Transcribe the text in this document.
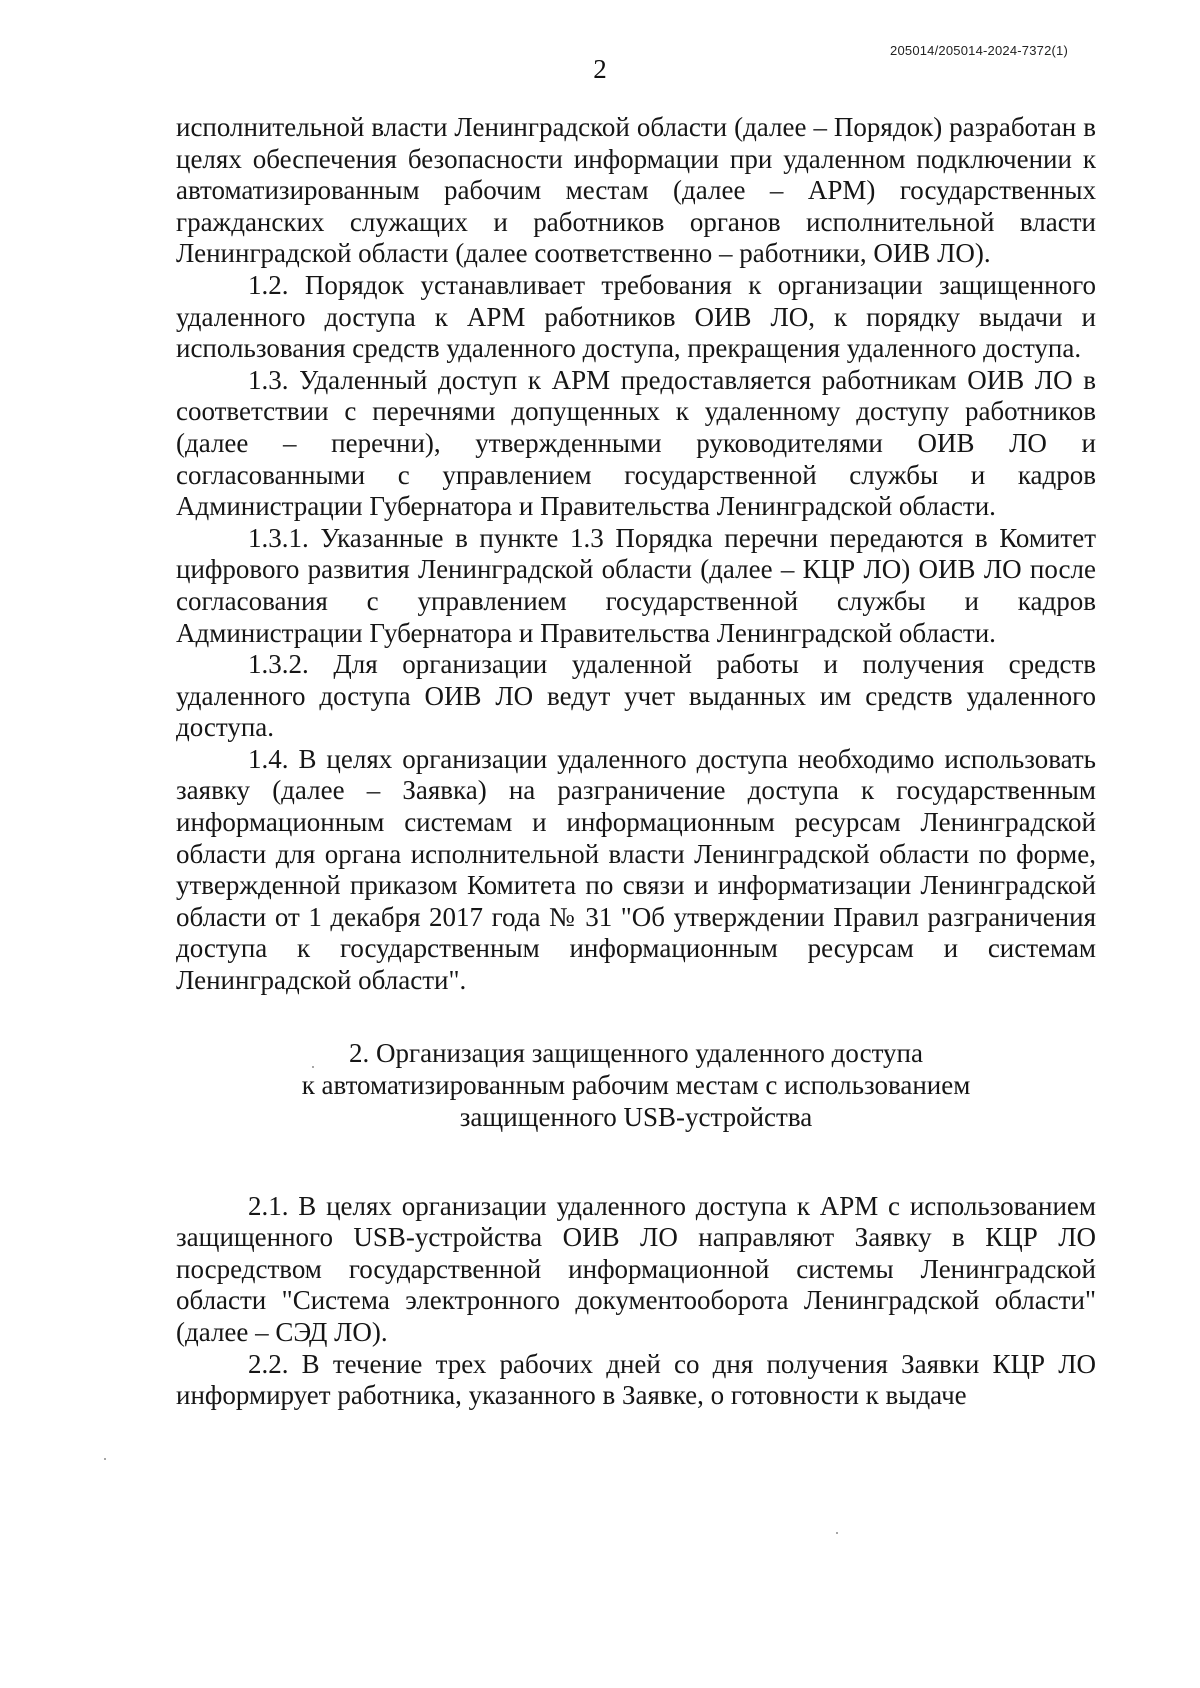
205014/205014-2024-7372(1)
2

исполнительной власти Ленинградской области (далее – Порядок) разработан в целях обеспечения безопасности информации при удаленном подключении к автоматизированным рабочим местам (далее – АРМ) государственных гражданских служащих и работников органов исполнительной власти Ленинградской области (далее соответственно – работники, ОИВ ЛО).

1.2. Порядок устанавливает требования к организации защищенного удаленного доступа к АРМ работников ОИВ ЛО, к порядку выдачи и использования средств удаленного доступа, прекращения удаленного доступа.

1.3. Удаленный доступ к АРМ предоставляется работникам ОИВ ЛО в соответствии с перечнями допущенных к удаленному доступу работников (далее – перечни), утвержденными руководителями ОИВ ЛО и согласованными с управлением государственной службы и кадров Администрации Губернатора и Правительства Ленинградской области.

1.3.1. Указанные в пункте 1.3 Порядка перечни передаются в Комитет цифрового развития Ленинградской области (далее – КЦР ЛО) ОИВ ЛО после согласования с управлением государственной службы и кадров Администрации Губернатора и Правительства Ленинградской области.

1.3.2. Для организации удаленной работы и получения средств удаленного доступа ОИВ ЛО ведут учет выданных им средств удаленного доступа.

1.4. В целях организации удаленного доступа необходимо использовать заявку (далее – Заявка) на разграничение доступа к государственным информационным системам и информационным ресурсам Ленинградской области для органа исполнительной власти Ленинградской области по форме, утвержденной приказом Комитета по связи и информатизации Ленинградской области от 1 декабря 2017 года № 31 "Об утверждении Правил разграничения доступа к государственным информационным ресурсам и системам Ленинградской области".

2. Организация защищенного удаленного доступа
к автоматизированным рабочим местам с использованием
защищенного USB-устройства

2.1. В целях организации удаленного доступа к АРМ с использованием защищенного USB-устройства ОИВ ЛО направляют Заявку в КЦР ЛО посредством государственной информационной системы Ленинградской области "Система электронного документооборота Ленинградской области" (далее – СЭД ЛО).

2.2. В течение трех рабочих дней со дня получения Заявки КЦР ЛО информирует работника, указанного в Заявке, о готовности к выдаче
